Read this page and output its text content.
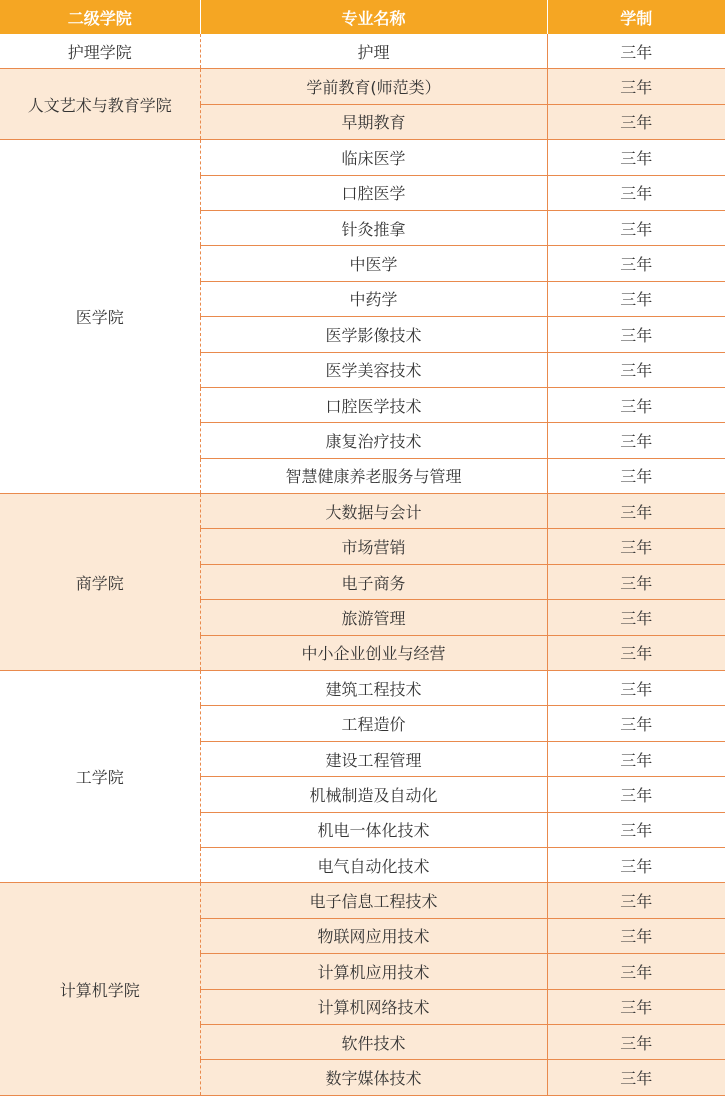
二级学院	专业名称	学制
护理学院	护理	三年
人文艺术与教育学院	学前教育(师范类）	三年
	早期教育	三年
医学院	临床医学	三年
	口腔医学	三年
	针灸推拿	三年
	中医学	三年
	中药学	三年
	医学影像技术	三年
	医学美容技术	三年
	口腔医学技术	三年
	康复治疗技术	三年
	智慧健康养老服务与管理	三年
商学院	大数据与会计	三年
	市场营销	三年
	电子商务	三年
	旅游管理	三年
	中小企业创业与经营	三年
工学院	建筑工程技术	三年
	工程造价	三年
	建设工程管理	三年
	机械制造及自动化	三年
	机电一体化技术	三年
	电气自动化技术	三年
计算机学院	电子信息工程技术	三年
	物联网应用技术	三年
	计算机应用技术	三年
	计算机网络技术	三年
	软件技术	三年
	数字媒体技术	三年
